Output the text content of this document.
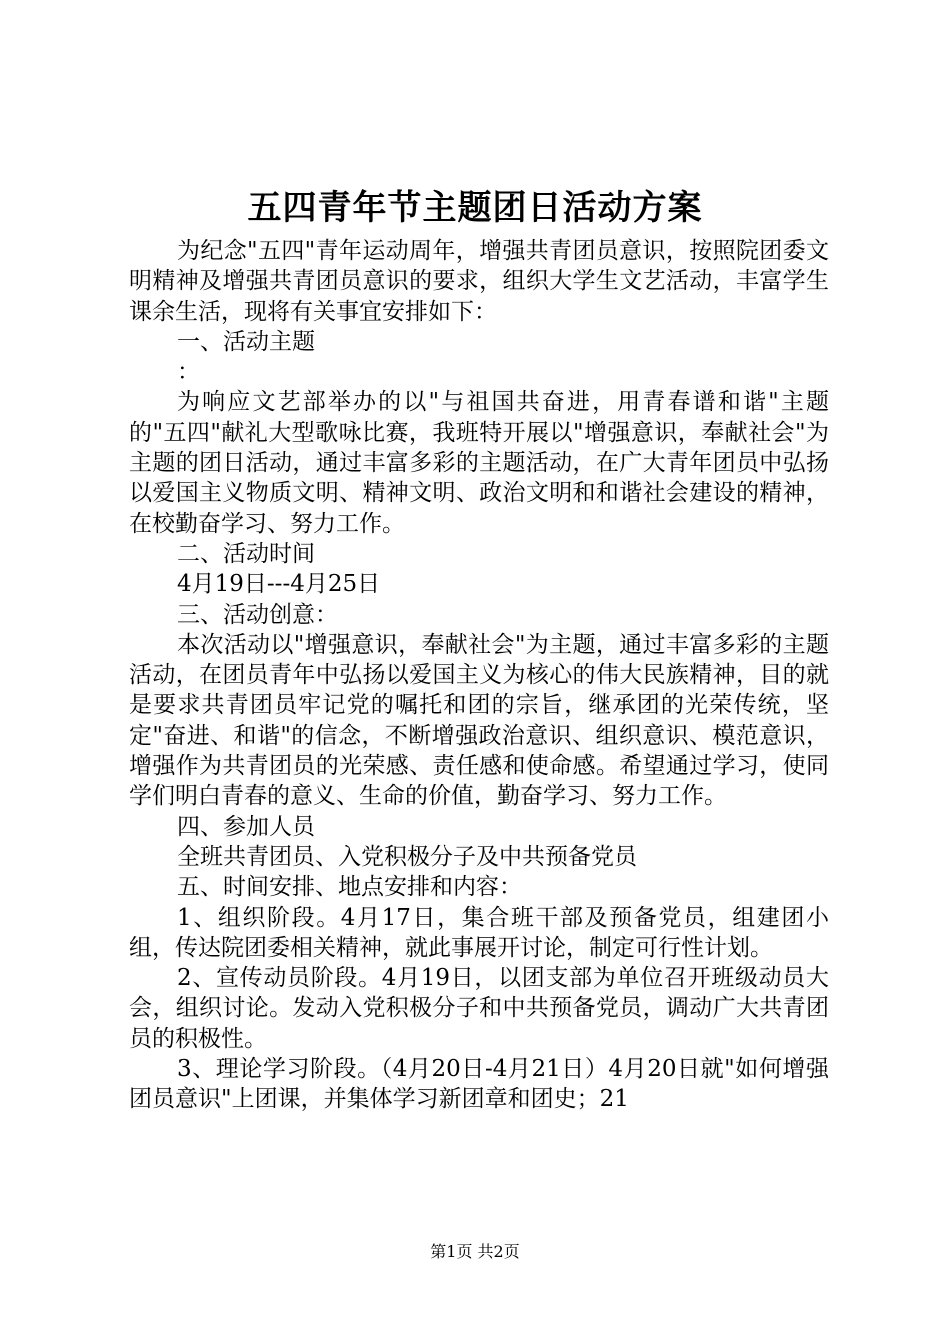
五四青年节主题团日活动方案

为纪念"五四"青年运动周年，增强共青团员意识，按照院团委文明精神及增强共青团员意识的要求，组织大学生文艺活动，丰富学生课余生活，现将有关事宜安排如下：

一、活动主题

：

为响应文艺部举办的以"与祖国共奋进，用青春谱和谐"主题的"五四"献礼大型歌咏比赛，我班特开展以"增强意识，奉献社会"为主题的团日活动，通过丰富多彩的主题活动，在广大青年团员中弘扬以爱国主义物质文明、精神文明、政治文明和和谐社会建设的精神，在校勤奋学习、努力工作。

二、活动时间

4月19日---4月25日

三、活动创意：

本次活动以"增强意识，奉献社会"为主题，通过丰富多彩的主题活动，在团员青年中弘扬以爱国主义为核心的伟大民族精神，目的就是要求共青团员牢记党的嘱托和团的宗旨，继承团的光荣传统，坚定"奋进、和谐"的信念，不断增强政治意识、组织意识、模范意识，增强作为共青团员的光荣感、责任感和使命感。希望通过学习，使同学们明白青春的意义、生命的价值，勤奋学习、努力工作。

四、参加人员

全班共青团员、入党积极分子及中共预备党员

五、时间安排、地点安排和内容：

1、组织阶段。4月17日，集合班干部及预备党员，组建团小组，传达院团委相关精神，就此事展开讨论，制定可行性计划。

2、宣传动员阶段。4月19日，以团支部为单位召开班级动员大会，组织讨论。发动入党积极分子和中共预备党员，调动广大共青团员的积极性。

3、理论学习阶段。（4月20日-4月21日）4月20日就"如何增强团员意识"上团课，并集体学习新团章和团史；21

第1页 共2页
